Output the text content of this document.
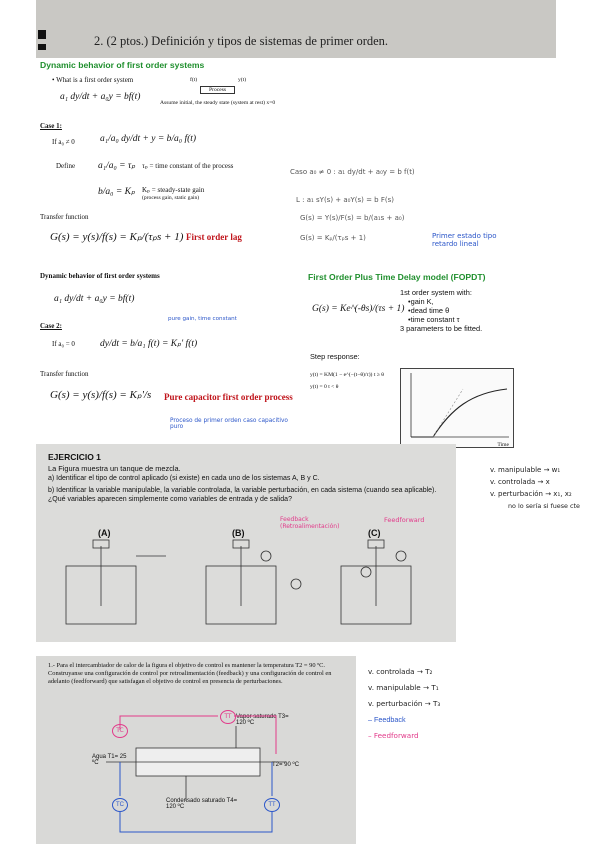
2. (2 ptos.) Definición y tipos de sistemas de primer orden.
Dynamic behavior of first order systems
• What is a first order system
a₁ dy/dt + a₀y = bf(t)
f(t)	y(t)
Process
Assume initial, the steady state (system at rest) x=0
Case 1:
If a₀ ≠ 0	a₁/a₀ dy/dt + y = b/a₀ f(t)
Define a₁/a₀ = τₚ τₚ = time constant of the process
b/a₀ = Kₚ Kₚ = steady-state gain
(process gain, static gain)
Transfer function
G(s) = y(s)/f(s) = Kₚ/(τₚs + 1) First order lag
Caso a₀ ≠ 0 : a₁ dy/dt + a₀y = b f(t)
L : a₁ sY(s) + a₀Y(s) = b F(s)
G(s) = Y(s)/F(s) = b/(a₁s + a₀)
G(s) = Kₚ/(τₚs + 1)	Primer estado tipo retardo lineal
Dynamic behavior of first order systems
a₁ dy/dt + a₀y = bf(t)
Case 2:
If a₀ = 0	dy/dt = b/a₁ f(t) = Kₚ' f(t)
pure gain, time constant
Transfer function
G(s) = y(s)/f(s) = Kₚ'/s Pure capacitor first order process
Proceso de primer orden caso capacitivo puro
First Order Plus Time Delay model (FOPDT)
G(s) = Ke^(-θs)/(τs + 1)
1st order system with:
•gain K,
•dead time θ
•time constant τ
3 parameters to be fitted.
Step response:
y(t) = KM(1 − e^(−(t−θ)/τ)) t ≥ θ
y(t) = 0 t < θ
Time
EJERCICIO 1
La Figura muestra un tanque de mezcla.
a) Identificar el tipo de control aplicado (si existe) en cada uno de los sistemas A, B y C.
b) Identificar la variable manipulable, la variable controlada, la variable perturbación, en cada sistema (cuando sea aplicable). ¿Qué variables aparecen simplemente como variables de entrada y de salida?
(A)	(B)	(C)
Feedback (Retroalimentación)
Feedforward
v. manipulable → w₁
v. controlada → x
v. perturbación → x₁, x₂
no lo sería si fuese cte
1.- Para el intercambiador de calor de la figura el objetivo de control es mantener la temperatura T2 = 90 ºC. Construyanse una configuración de control por retroalimentación (feedback) y una configuración de control en adelanto (feedforward) que satisfagan el objetivo de control en presencia de perturbaciones.
Vapor saturado T3= 120 ºC
Agua T1= 25 ºC	T2= 90 ºC
Condensado saturado T4= 120 ºC
TC
TT
TC	TT
v. controlada → T₂
v. manipulable → T₁
v. perturbación → T₃
– Feedback
– Feedforward
